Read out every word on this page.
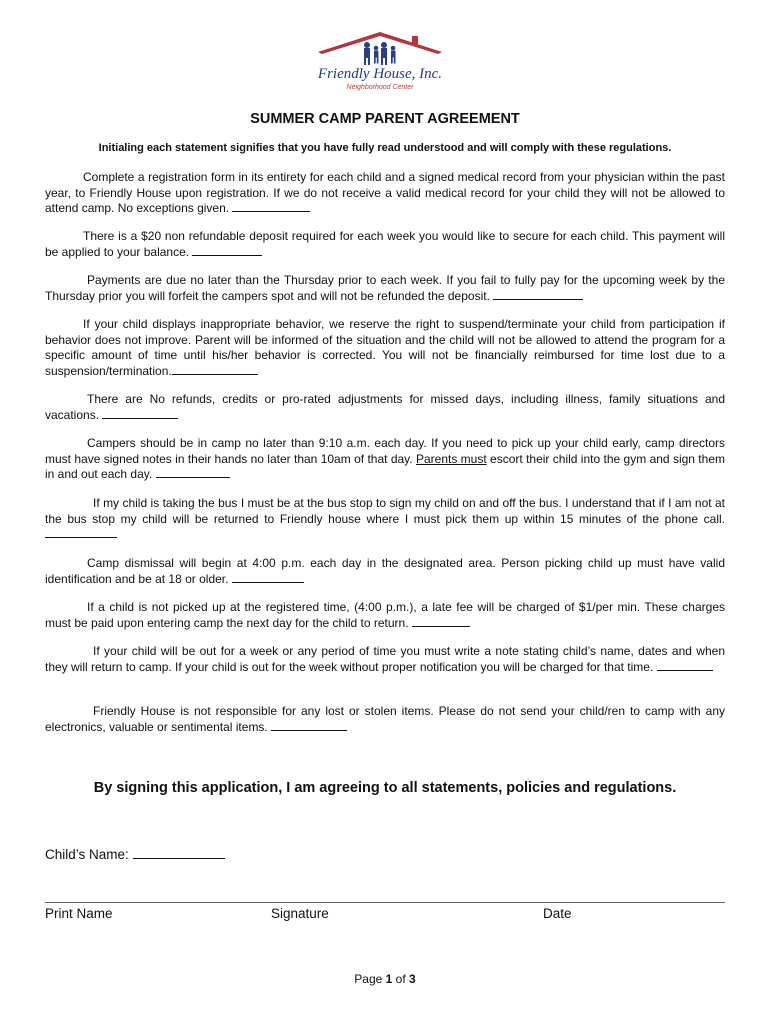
Friendly House, Inc.
Neighborhood Center
SUMMER CAMP PARENT AGREEMENT
Initialing each statement signifies that you have fully read understood and will comply with these regulations.
Complete a registration form in its entirety for each child and a signed medical record from your physician within the past year, to Friendly House upon registration. If we do not receive a valid medical record for your child they will not be allowed to attend camp. No exceptions given.
There is a $20 non refundable deposit required for each week you would like to secure for each child. This payment will be applied to your balance.
Payments are due no later than the Thursday prior to each week. If you fail to fully pay for the upcoming week by the Thursday prior you will forfeit the campers spot and will not be refunded the deposit.
If your child displays inappropriate behavior, we reserve the right to suspend/terminate your child from participation if behavior does not improve. Parent will be informed of the situation and the child will not be allowed to attend the program for a specific amount of time until his/her behavior is corrected. You will not be financially reimbursed for time lost due to a suspension/termination.
There are No refunds, credits or pro-rated adjustments for missed days, including illness, family situations and vacations.
Campers should be in camp no later than 9:10 a.m. each day. If you need to pick up your child early, camp directors must have signed notes in their hands no later than 10am of that day. Parents must escort their child into the gym and sign them in and out each day.
If my child is taking the bus I must be at the bus stop to sign my child on and off the bus. I understand that if I am not at the bus stop my child will be returned to Friendly house where I must pick them up within 15 minutes of the phone call.
Camp dismissal will begin at 4:00 p.m. each day in the designated area. Person picking child up must have valid identification and be at 18 or older.
If a child is not picked up at the registered time, (4:00 p.m.), a late fee will be charged of $1/per min. These charges must be paid upon entering camp the next day for the child to return.
If your child will be out for a week or any period of time you must write a note stating child’s name, dates and when they will return to camp. If your child is out for the week without proper notification you will be charged for that time.
Friendly House is not responsible for any lost or stolen items. Please do not send your child/ren to camp with any electronics, valuable or sentimental items.
By signing this application, I am agreeing to all statements, policies and regulations.
Child’s Name:
Print Name	Signature	Date
Page 1 of 3
